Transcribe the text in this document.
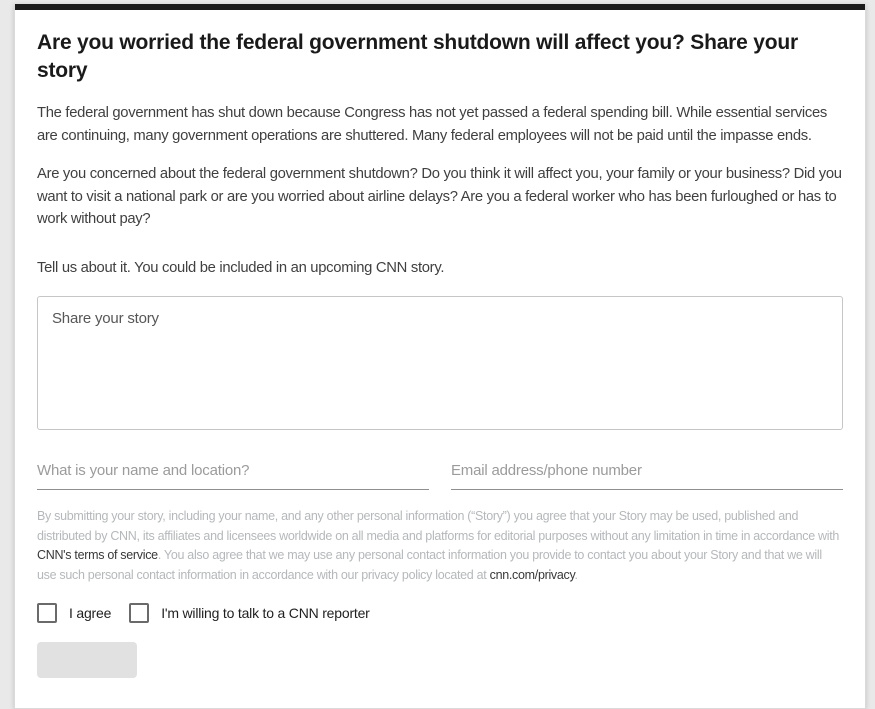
Are you worried the federal government shutdown will affect you? Share your story

The federal government has shut down because Congress has not yet passed a federal spending bill. While essential services are continuing, many government operations are shuttered. Many federal employees will not be paid until the impasse ends.

Are you concerned about the federal government shutdown? Do you think it will affect you, your family or your business? Did you want to visit a national park or are you worried about airline delays? Are you a federal worker who has been furloughed or has to work without pay?

Tell us about it. You could be included in an upcoming CNN story.

Share your story
What is your name and location?
Email address/phone number

By submitting your story, including your name, and any other personal information (“Story”) you agree that your Story may be used, published and distributed by CNN, its affiliates and licensees worldwide on all media and platforms for editorial purposes without any limitation in time in accordance with CNN's terms of service. You also agree that we may use any personal contact information you provide to contact you about your Story and that we will use such personal contact information in accordance with our privacy policy located at cnn.com/privacy.

I agree	I'm willing to talk to a CNN reporter
